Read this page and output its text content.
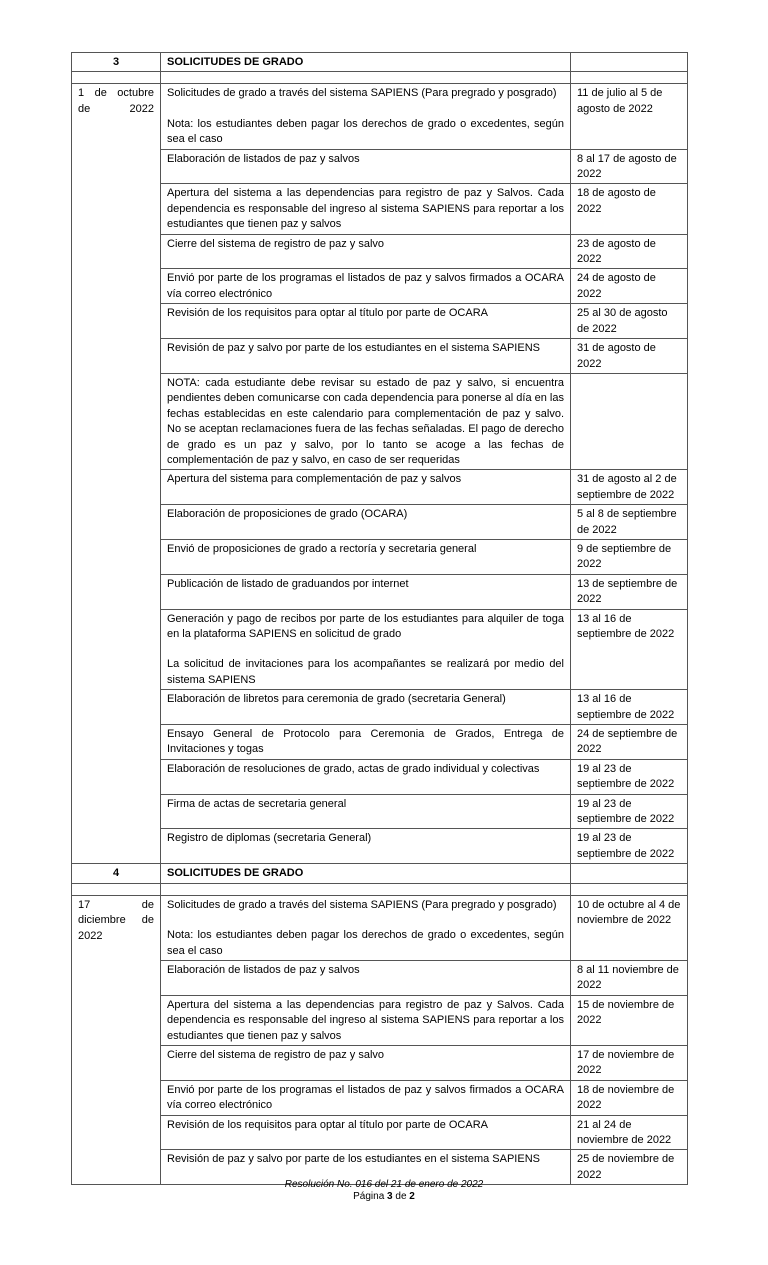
3	SOLICITUDES DE GRADO	

1 de octubre de 2022	Solicitudes de grado a través del sistema SAPIENS (Para pregrado y posgrado)
Nota: los estudiantes deben pagar los derechos de grado o excedentes, según sea el caso	11 de julio al 5 de agosto de 2022

	Elaboración de listados de paz y salvos	8 al 17 de agosto de 2022

	Apertura del sistema a las dependencias para registro de paz y Salvos. Cada dependencia es responsable del ingreso al sistema SAPIENS para reportar a los estudiantes que tienen paz y salvos	18 de agosto de 2022

	Cierre del sistema de registro de paz y salvo	23 de agosto de 2022

	Envió por parte de los programas el listados de paz y salvos firmados a OCARA vía correo electrónico	24 de agosto de 2022

	Revisión de los requisitos para optar al título por parte de OCARA	25 al 30 de agosto de 2022

	Revisión de paz y salvo por parte de los estudiantes en el sistema SAPIENS	31 de agosto de 2022

	NOTA: cada estudiante debe revisar su estado de paz y salvo, si encuentra pendientes deben comunicarse con cada dependencia para ponerse al día en las fechas establecidas en este calendario para complementación de paz y salvo. No se aceptan reclamaciones fuera de las fechas señaladas. El pago de derecho de grado es un paz y salvo, por lo tanto se acoge a las fechas de complementación de paz y salvo, en caso de ser requeridas	

	Apertura del sistema para complementación de paz y salvos	31 de agosto al 2 de septiembre de 2022

	Elaboración de proposiciones de grado (OCARA)	5 al 8 de septiembre de 2022

	Envió de proposiciones de grado a rectoría y secretaria general	9 de septiembre de 2022

	Publicación de listado de graduandos por internet	13 de septiembre de 2022

	Generación y pago de recibos por parte de los estudiantes para alquiler de toga en la plataforma SAPIENS en solicitud de grado
La solicitud de invitaciones para los acompañantes se realizará por medio del sistema SAPIENS	13 al 16 de septiembre de 2022

	Elaboración de libretos para ceremonia de grado (secretaria General)	13 al 16 de septiembre de 2022

	Ensayo General de Protocolo para Ceremonia de Grados, Entrega de Invitaciones y togas	24 de septiembre de 2022

	Elaboración de resoluciones de grado, actas de grado individual y colectivas	19 al 23 de septiembre de 2022

	Firma de actas de secretaria general	19 al 23 de septiembre de 2022

	Registro de diplomas (secretaria General)	19 al 23 de septiembre de 2022
4	SOLICITUDES DE GRADO	

17 de diciembre de 2022	Solicitudes de grado a través del sistema SAPIENS (Para pregrado y posgrado)
Nota: los estudiantes deben pagar los derechos de grado o excedentes, según sea el caso	10 de octubre al 4 de noviembre de 2022

	Elaboración de listados de paz y salvos	8 al 11 noviembre de 2022

	Apertura del sistema a las dependencias para registro de paz y Salvos. Cada dependencia es responsable del ingreso al sistema SAPIENS para reportar a los estudiantes que tienen paz y salvos	15 de noviembre de 2022

	Cierre del sistema de registro de paz y salvo	17 de noviembre de 2022

	Envió por parte de los programas el listados de paz y salvos firmados a OCARA vía correo electrónico	18 de noviembre de 2022

	Revisión de los requisitos para optar al título por parte de OCARA	21 al 24 de noviembre de 2022

	Revisión de paz y salvo por parte de los estudiantes en el sistema SAPIENS	25 de noviembre de 2022
Resolución No. 016 del 21 de enero de 2022
Página 3 de 2
